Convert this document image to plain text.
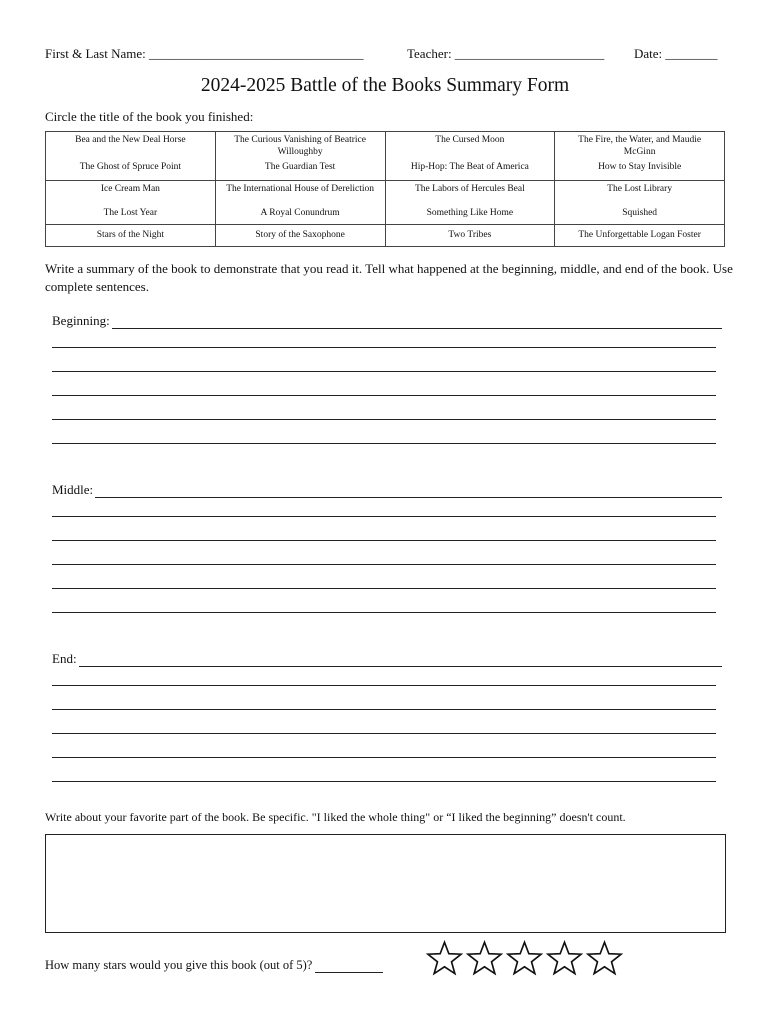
First & Last Name: _________________________________	Teacher: _______________________ Date: ________
2024-2025 Battle of the Books Summary Form
Circle the title of the book you finished:
Bea and the New Deal Horse	The Curious Vanishing of Beatrice Willoughby	The Cursed Moon	The Fire, the Water, and Maudie McGinn
The Ghost of Spruce Point	The Guardian Test	Hip-Hop: The Beat of America	How to Stay Invisible
Ice Cream Man	The International House of Dereliction	The Labors of Hercules Beal	The Lost Library
The Lost Year	A Royal Conundrum	Something Like Home	Squished
Stars of the Night	Story of the Saxophone	Two Tribes	The Unforgettable Logan Foster
Write a summary of the book to demonstrate that you read it. Tell what happened at the beginning, middle, and end of the book. Use complete sentences.
Beginning:
Middle:
End:
Write about your favorite part of the book. Be specific. "I liked the whole thing" or “I liked the beginning” doesn't count.
How many stars would you give this book (out of 5)?
